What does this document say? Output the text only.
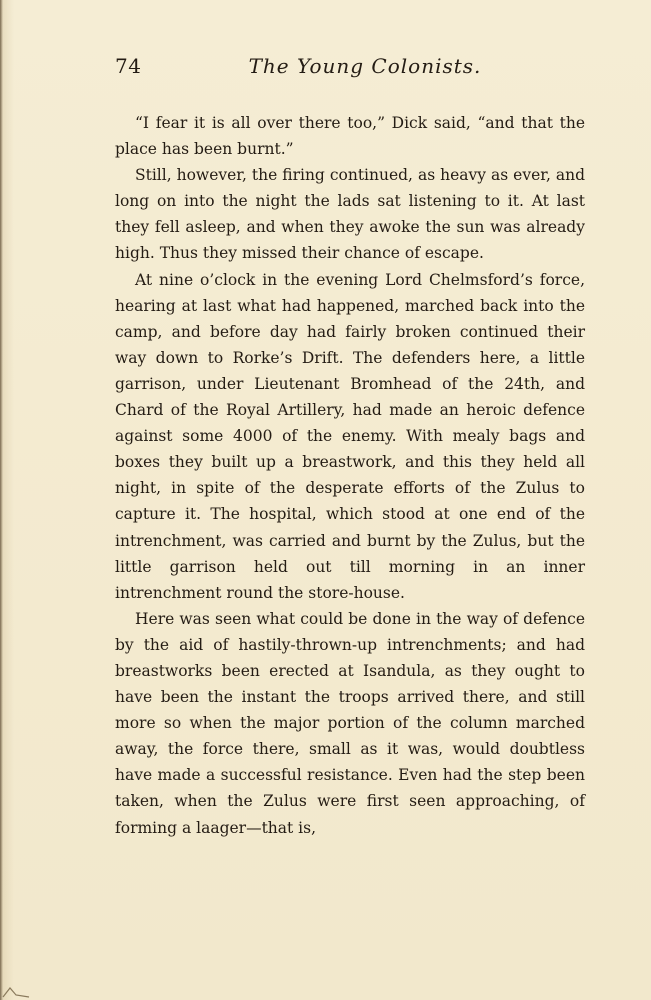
74	The Young Colonists.

“I fear it is all over there too,” Dick said, “and that the place has been burnt.”

Still, however, the firing continued, as heavy as ever, and long on into the night the lads sat listening to it. At last they fell asleep, and when they awoke the sun was already high. Thus they missed their chance of escape.

At nine o’clock in the evening Lord Chelmsford’s force, hearing at last what had happened, marched back into the camp, and before day had fairly broken continued their way down to Rorke’s Drift. The defenders here, a little garrison, under Lieutenant Bromhead of the 24th, and Chard of the Royal Artillery, had made an heroic defence against some 4000 of the enemy. With mealy bags and boxes they built up a breastwork, and this they held all night, in spite of the desperate efforts of the Zulus to capture it. The hospital, which stood at one end of the intrenchment, was carried and burnt by the Zulus, but the little garrison held out till morning in an inner intrenchment round the store-house.

Here was seen what could be done in the way of defence by the aid of hastily-thrown-up intrenchments; and had breastworks been erected at Isandula, as they ought to have been the instant the troops arrived there, and still more so when the major portion of the column marched away, the force there, small as it was, would doubtless have made a successful resistance. Even had the step been taken, when the Zulus were first seen approaching, of forming a laager—that is,
